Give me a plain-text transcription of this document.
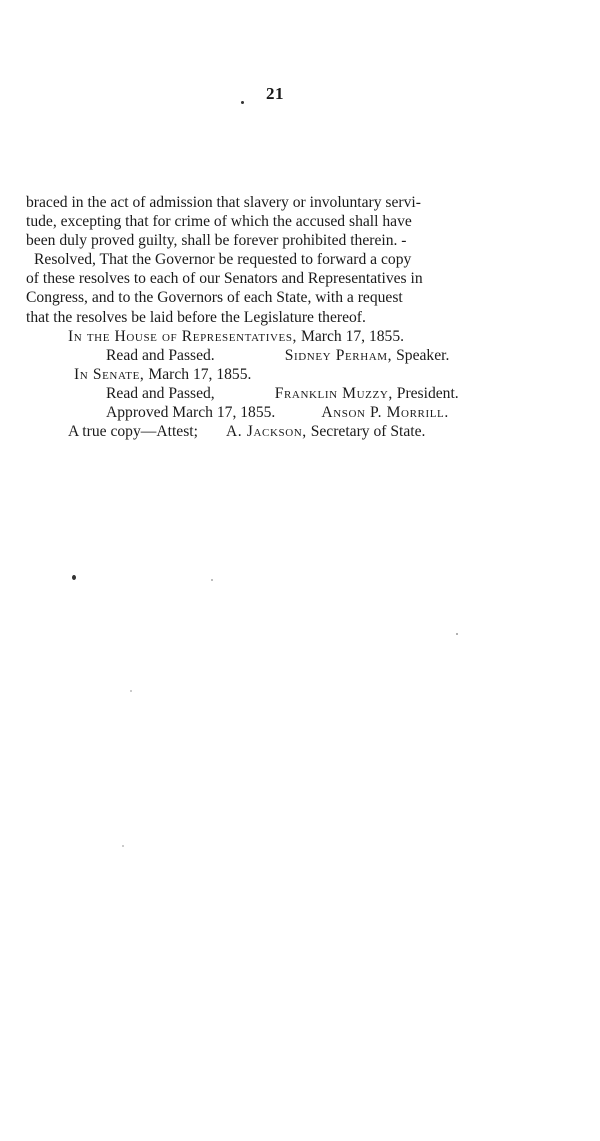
21
braced in the act of admission that slavery or involuntary servi-
tude, excepting that for crime of which the accused shall have
been duly proved guilty, shall be forever prohibited therein. -
Resolved, That the Governor be requested to forward a copy
of these resolves to each of our Senators and Representatives in
Congress, and to the Governors of each State, with a request
that the resolves be laid before the Legislature thereof.
In the House of Representatives,
March 17, 1855.
Read and Passed.	Sidney Perham,
Speaker.
In Senate,
March 17, 1855.
Read and Passed,	Franklin Muzzy,
President.
Approved March 17, 1855.	Anson P. Morrill.
A true copy—Attest; A. Jackson,
Secretary of State.
